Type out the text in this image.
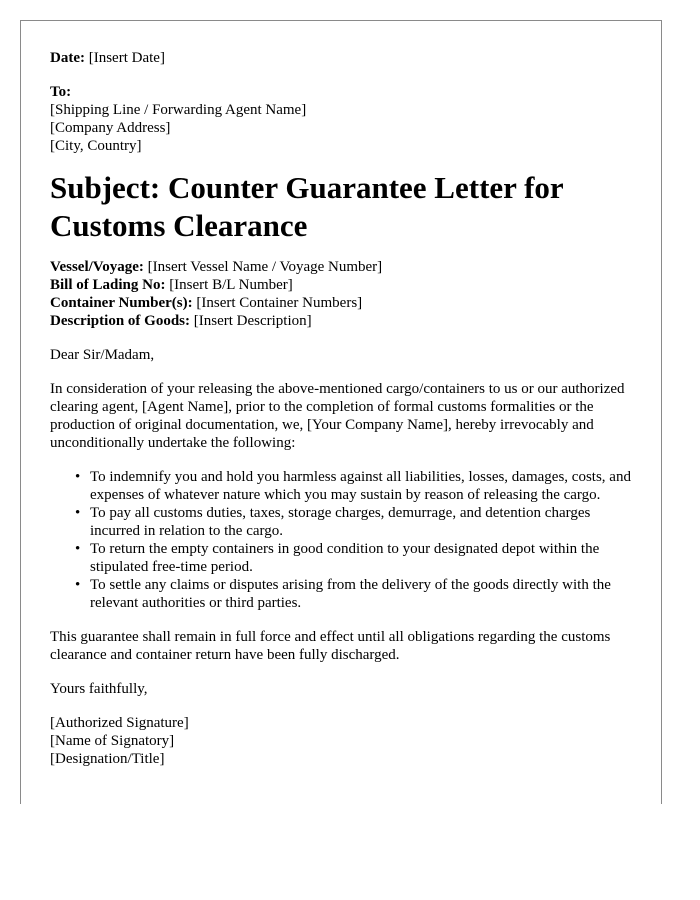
Date: [Insert Date]
To:
[Shipping Line / Forwarding Agent Name]
[Company Address]
[City, Country]
Subject: Counter Guarantee Letter for Customs Clearance
Vessel/Voyage: [Insert Vessel Name / Voyage Number]
Bill of Lading No: [Insert B/L Number]
Container Number(s): [Insert Container Numbers]
Description of Goods: [Insert Description]
Dear Sir/Madam,

In consideration of your releasing the above-mentioned cargo/containers to us or our authorized clearing agent, [Agent Name], prior to the completion of formal customs formalities or the production of original documentation, we, [Your Company Name], hereby irrevocably and unconditionally undertake the following:

• To indemnify you and hold you harmless against all liabilities, losses, damages, costs, and expenses of whatever nature which you may sustain by reason of releasing the cargo.
• To pay all customs duties, taxes, storage charges, demurrage, and detention charges incurred in relation to the cargo.
• To return the empty containers in good condition to your designated depot within the stipulated free-time period.
• To settle any claims or disputes arising from the delivery of the goods directly with the relevant authorities or third parties.

This guarantee shall remain in full force and effect until all obligations regarding the customs clearance and container return have been fully discharged.

Yours faithfully,
[Authorized Signature]
[Name of Signatory]
[Designation/Title]
